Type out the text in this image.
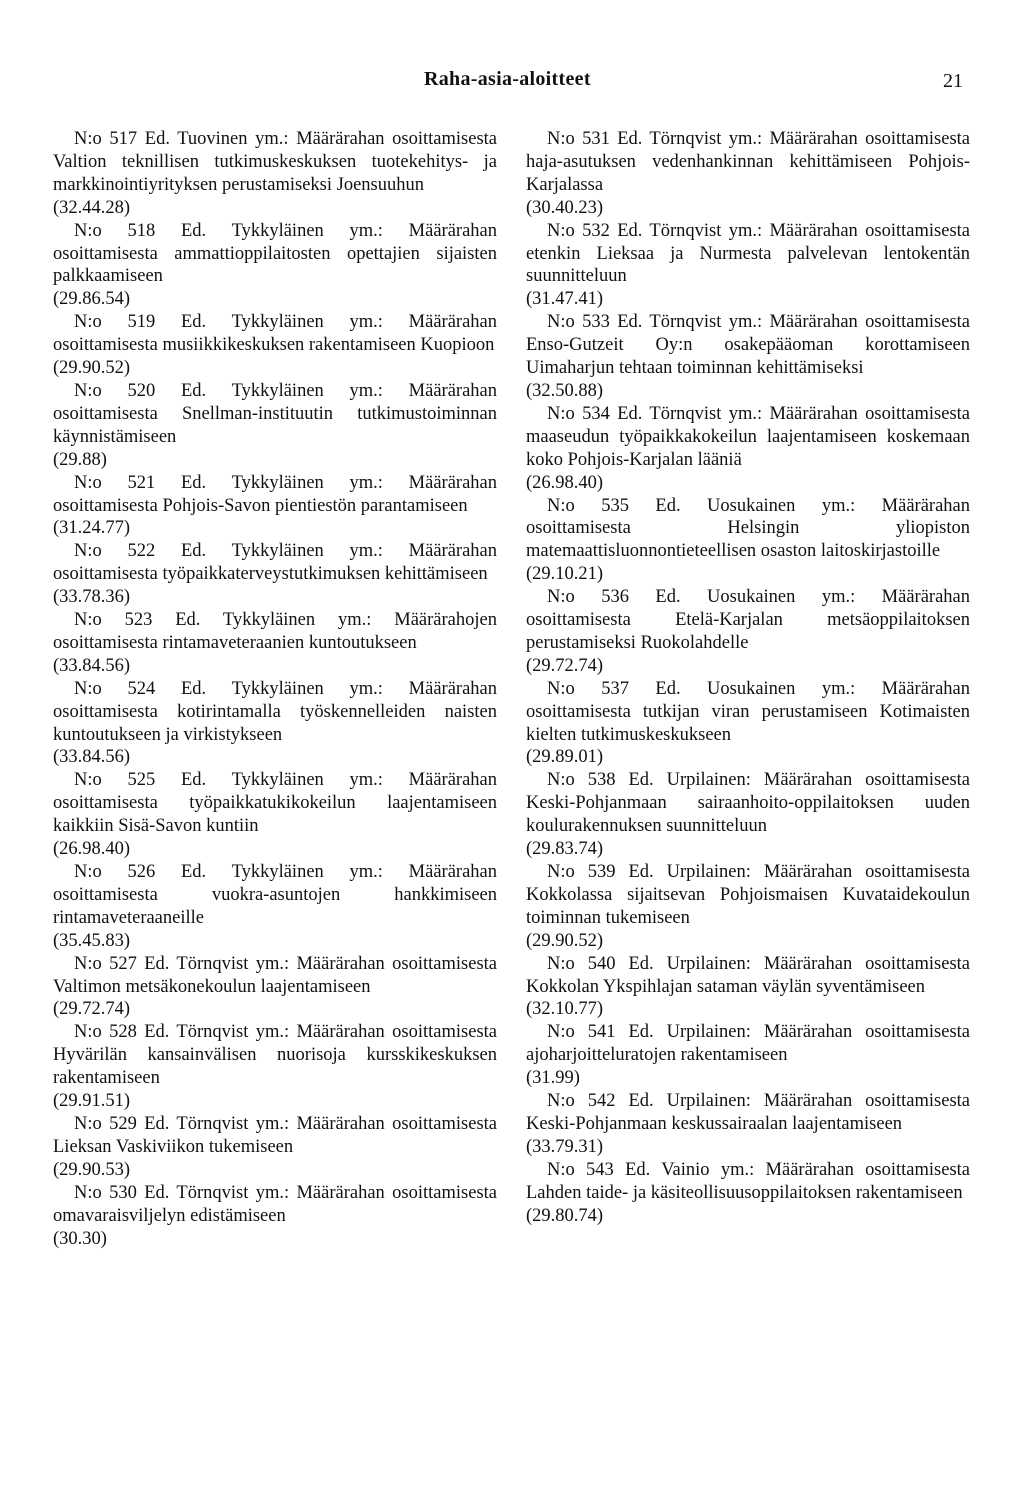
Raha-asia-aloitteet	21
N:o 517 Ed. Tuovinen ym.: Määrärahan osoittamisesta Valtion teknillisen tutkimuskeskuksen tuotekehitys- ja markkinointiyrityksen perustamiseksi Joensuuhun
(32.44.28)
N:o 518 Ed. Tykkyläinen ym.: Määrärahan osoittamisesta ammattioppilaitosten opettajien sijaisten palkkaamiseen
(29.86.54)
N:o 519 Ed. Tykkyläinen ym.: Määrärahan osoittamisesta musiikkikeskuksen rakentamiseen Kuopioon
(29.90.52)
N:o 520 Ed. Tykkyläinen ym.: Määrärahan osoittamisesta Snellman-instituutin tutkimustoiminnan käynnistämiseen
(29.88)
N:o 521 Ed. Tykkyläinen ym.: Määrärahan osoittamisesta Pohjois-Savon pientiestön parantamiseen
(31.24.77)
N:o 522 Ed. Tykkyläinen ym.: Määrärahan osoittamisesta työpaikkaterveystutkimuksen kehittämiseen
(33.78.36)
N:o 523 Ed. Tykkyläinen ym.: Määrärahojen osoittamisesta rintamaveteraanien kuntoutukseen
(33.84.56)
N:o 524 Ed. Tykkyläinen ym.: Määrärahan osoittamisesta kotirintamalla työskennelleiden naisten kuntoutukseen ja virkistykseen
(33.84.56)
N:o 525 Ed. Tykkyläinen ym.: Määrärahan osoittamisesta työpaikkatukikokeilun laajentamiseen kaikkiin Sisä-Savon kuntiin
(26.98.40)
N:o 526 Ed. Tykkyläinen ym.: Määrärahan osoittamisesta vuokra-asuntojen hankkimiseen rintamaveteraaneille
(35.45.83)
N:o 527 Ed. Törnqvist ym.: Määrärahan osoittamisesta Valtimon metsäkonekoulun laajentamiseen
(29.72.74)
N:o 528 Ed. Törnqvist ym.: Määrärahan osoittamisesta Hyvärilän kansainvälisen nuorisoja kursskikeskuksen rakentamiseen
(29.91.51)
N:o 529 Ed. Törnqvist ym.: Määrärahan osoittamisesta Lieksan Vaskiviikon tukemiseen
(29.90.53)
N:o 530 Ed. Törnqvist ym.: Määrärahan osoittamisesta omavaraisviljelyn edistämiseen
(30.30)
N:o 531 Ed. Törnqvist ym.: Määrärahan osoittamisesta haja-asutuksen vedenhankinnan kehittämiseen Pohjois-Karjalassa
(30.40.23)
N:o 532 Ed. Törnqvist ym.: Määrärahan osoittamisesta etenkin Lieksaa ja Nurmesta palvelevan lentokentän suunnitteluun
(31.47.41)
N:o 533 Ed. Törnqvist ym.: Määrärahan osoittamisesta Enso-Gutzeit Oy:n osakepääoman korottamiseen Uimaharjun tehtaan toiminnan kehittämiseksi
(32.50.88)
N:o 534 Ed. Törnqvist ym.: Määrärahan osoittamisesta maaseudun työpaikkakokeilun laajentamiseen koskemaan koko Pohjois-Karjalan lääniä
(26.98.40)
N:o 535 Ed. Uosukainen ym.: Määrärahan osoittamisesta Helsingin yliopiston matemaattisluonnontieteellisen osaston laitoskirjastoille
(29.10.21)
N:o 536 Ed. Uosukainen ym.: Määrärahan osoittamisesta Etelä-Karjalan metsäoppilaitoksen perustamiseksi Ruokolahdelle
(29.72.74)
N:o 537 Ed. Uosukainen ym.: Määrärahan osoittamisesta tutkijan viran perustamiseen Kotimaisten kielten tutkimuskeskukseen
(29.89.01)
N:o 538 Ed. Urpilainen: Määrärahan osoittamisesta Keski-Pohjanmaan sairaanhoito-oppilaitoksen uuden koulurakennuksen suunnitteluun
(29.83.74)
N:o 539 Ed. Urpilainen: Määrärahan osoittamisesta Kokkolassa sijaitsevan Pohjoismaisen Kuvataidekoulun toiminnan tukemiseen
(29.90.52)
N:o 540 Ed. Urpilainen: Määrärahan osoittamisesta Kokkolan Ykspihlajan sataman väylän syventämiseen
(32.10.77)
N:o 541 Ed. Urpilainen: Määrärahan osoittamisesta ajoharjoitteluratojen rakentamiseen
(31.99)
N:o 542 Ed. Urpilainen: Määrärahan osoittamisesta Keski-Pohjanmaan keskussairaalan laajentamiseen
(33.79.31)
N:o 543 Ed. Vainio ym.: Määrärahan osoittamisesta Lahden taide- ja käsiteollisuusoppilaitoksen rakentamiseen
(29.80.74)
